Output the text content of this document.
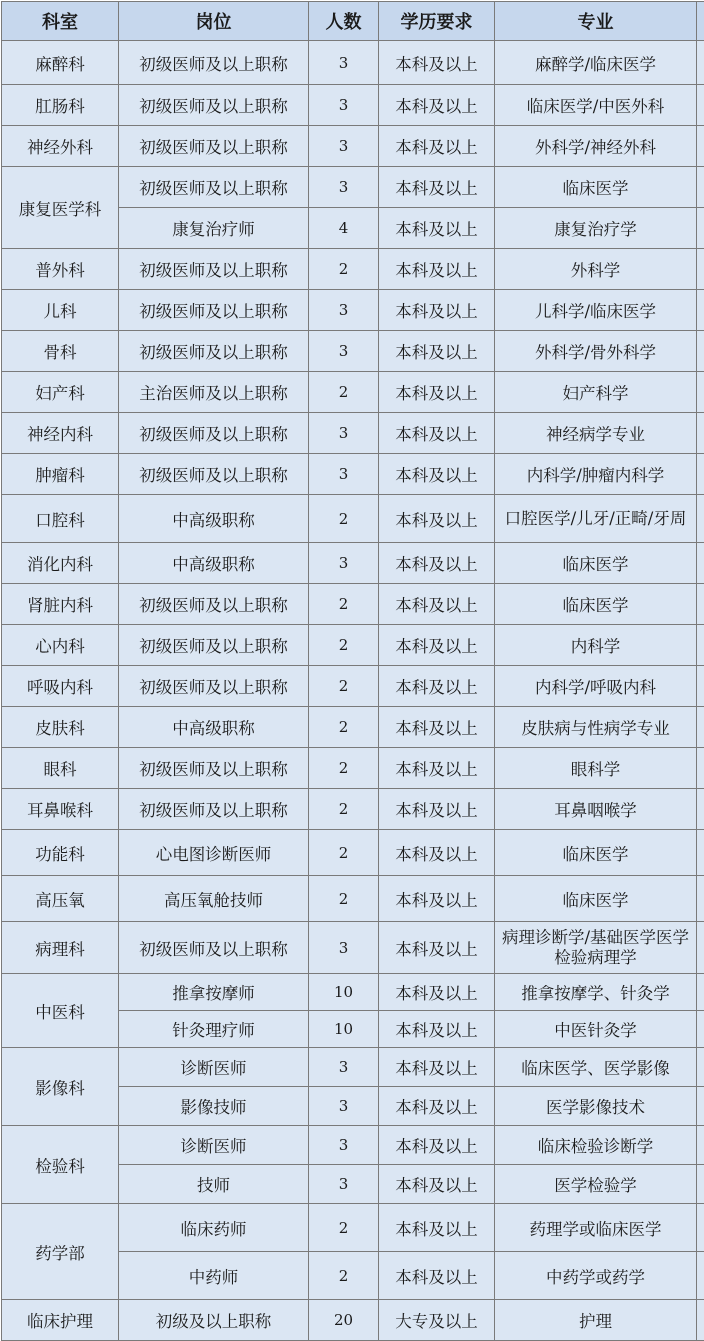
科室	岗位	人数	学历要求	专业	
麻醉科	初级医师及以上职称	3	本科及以上	麻醉学/临床医学	
肛肠科	初级医师及以上职称	3	本科及以上	临床医学/中医外科	
神经外科	初级医师及以上职称	3	本科及以上	外科学/神经外科	
康复医学科	初级医师及以上职称	3	本科及以上	临床医学	
	康复治疗师	4	本科及以上	康复治疗学	
普外科	初级医师及以上职称	2	本科及以上	外科学	
儿科	初级医师及以上职称	3	本科及以上	儿科学/临床医学	
骨科	初级医师及以上职称	3	本科及以上	外科学/骨外科学	
妇产科	主治医师及以上职称	2	本科及以上	妇产科学	
神经内科	初级医师及以上职称	3	本科及以上	神经病学专业	
肿瘤科	初级医师及以上职称	3	本科及以上	内科学/肿瘤内科学	
口腔科	中高级职称	2	本科及以上	口腔医学/儿牙/正畸/牙周	
消化内科	中高级职称	3	本科及以上	临床医学	
肾脏内科	初级医师及以上职称	2	本科及以上	临床医学	
心内科	初级医师及以上职称	2	本科及以上	内科学	
呼吸内科	初级医师及以上职称	2	本科及以上	内科学/呼吸内科	
皮肤科	中高级职称	2	本科及以上	皮肤病与性病学专业	
眼科	初级医师及以上职称	2	本科及以上	眼科学	
耳鼻喉科	初级医师及以上职称	2	本科及以上	耳鼻咽喉学	
功能科	心电图诊断医师	2	本科及以上	临床医学	
高压氧	高压氧舱技师	2	本科及以上	临床医学	
病理科	初级医师及以上职称	3	本科及以上	病理诊断学/基础医学医学检验病理学	
中医科	推拿按摩师	10	本科及以上	推拿按摩学、针灸学	
	针灸理疗师	10	本科及以上	中医针灸学	
影像科	诊断医师	3	本科及以上	临床医学、医学影像	
	影像技师	3	本科及以上	医学影像技术	
检验科	诊断医师	3	本科及以上	临床检验诊断学	
	技师	3	本科及以上	医学检验学	
药学部	临床药师	2	本科及以上	药理学或临床医学	
	中药师	2	本科及以上	中药学或药学	
临床护理	初级及以上职称	20	大专及以上	护理	
